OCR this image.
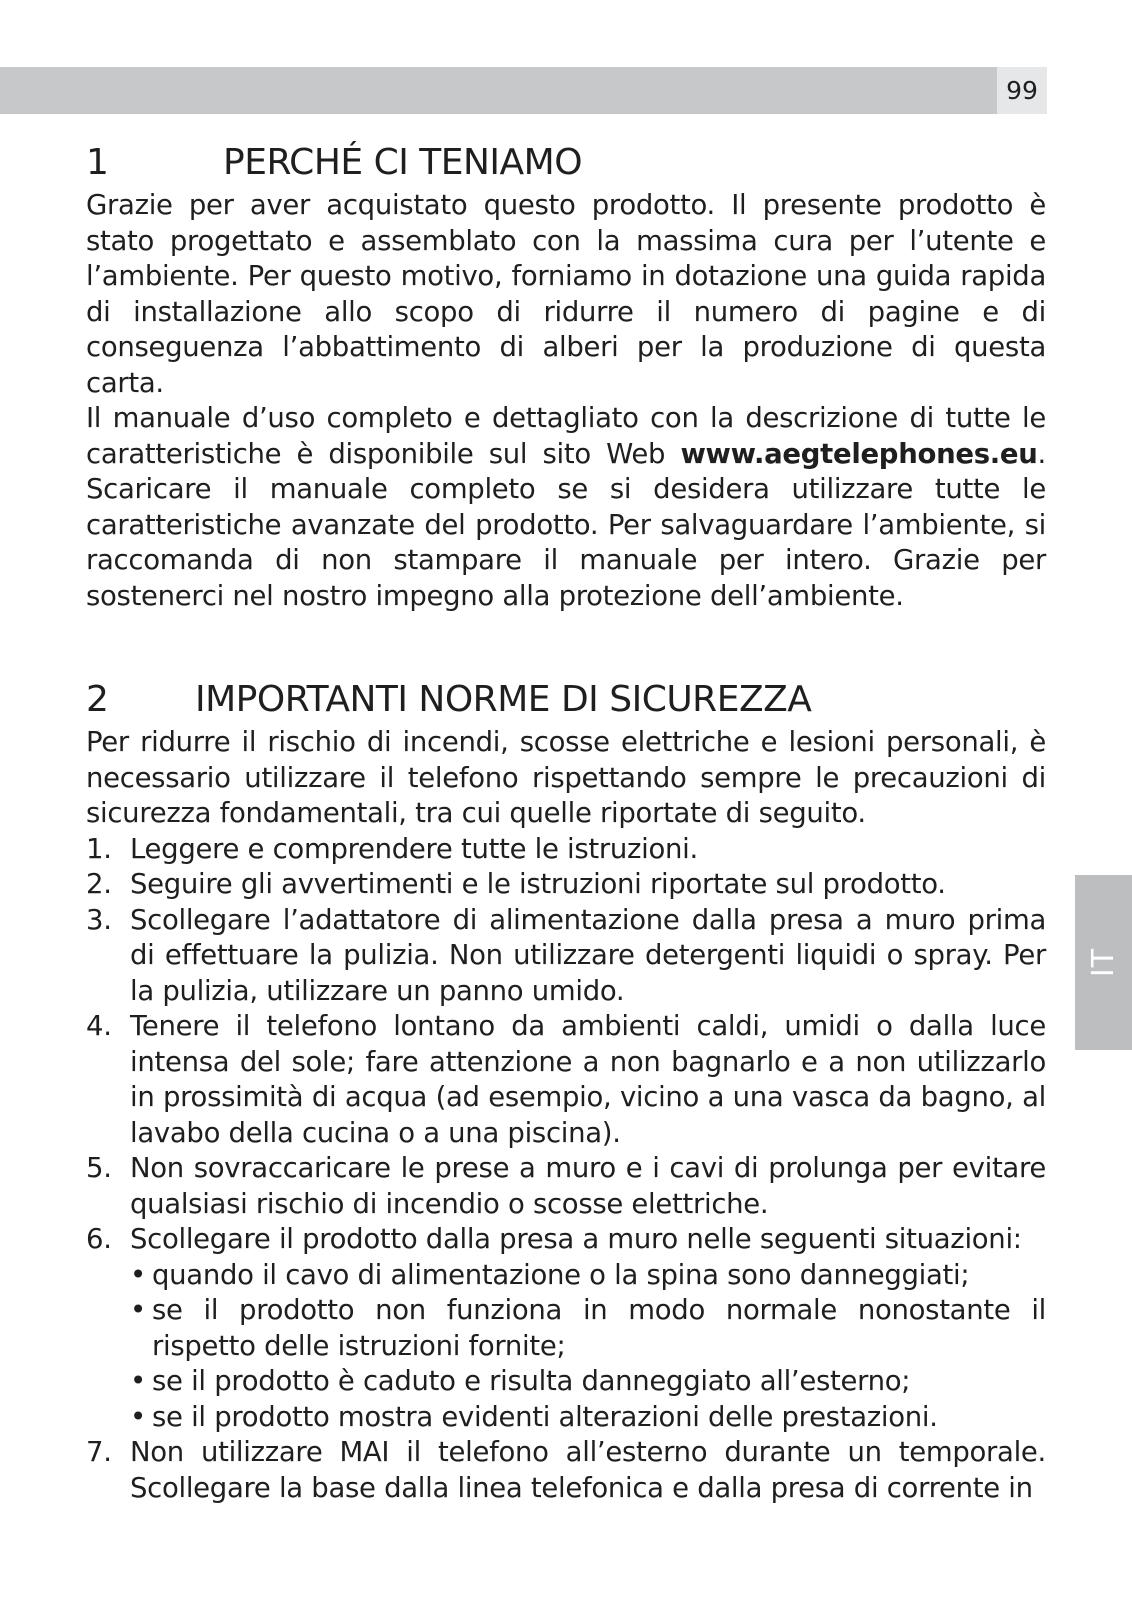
99
IT
1	PERCHÉ CI TENIAMO

Grazie per aver acquistato questo prodotto. Il presente prodotto è stato progettato e assemblato con la massima cura per l’utente e l’ambiente. Per questo motivo, forniamo in dotazione una guida rapida di installazione allo scopo di ridurre il numero di pagine e di conseguenza l’abbattimento di alberi per la produzione di questa carta.

Il manuale d’uso completo e dettagliato con la descrizione di tutte le caratteristiche è disponibile sul sito Web www.aegtelephones.eu. Scaricare il manuale completo se si desidera utilizzare tutte le caratteristiche avanzate del prodotto. Per salvaguardare l’ambiente, si raccomanda di non stampare il manuale per intero. Grazie per sostenerci nel nostro impegno alla protezione dell’ambiente.

2	IMPORTANTI NORME DI SICUREZZA

Per ridurre il rischio di incendi, scosse elettriche e lesioni personali, è necessario utilizzare il telefono rispettando sempre le precauzioni di sicurezza fondamentali, tra cui quelle riportate di seguito.

1. Leggere e comprendere tutte le istruzioni.
2. Seguire gli avvertimenti e le istruzioni riportate sul prodotto.
3. Scollegare l’adattatore di alimentazione dalla presa a muro prima di effettuare la pulizia. Non utilizzare detergenti liquidi o spray. Per la pulizia, utilizzare un panno umido.
4. Tenere il telefono lontano da ambienti caldi, umidi o dalla luce intensa del sole; fare attenzione a non bagnarlo e a non utilizzarlo in prossimità di acqua (ad esempio, vicino a una vasca da bagno, al lavabo della cucina o a una piscina).
5. Non sovraccaricare le prese a muro e i cavi di prolunga per evitare qualsiasi rischio di incendio o scosse elettriche.
6. Scollegare il prodotto dalla presa a muro nelle seguenti situazioni:
• quando il cavo di alimentazione o la spina sono danneggiati;
• se il prodotto non funziona in modo normale nonostante il rispetto delle istruzioni fornite;
• se il prodotto è caduto e risulta danneggiato all’esterno;
• se il prodotto mostra evidenti alterazioni delle prestazioni.
7. Non utilizzare MAI il telefono all’esterno durante un temporale. Scollegare la base dalla linea telefonica e dalla presa di corrente in
